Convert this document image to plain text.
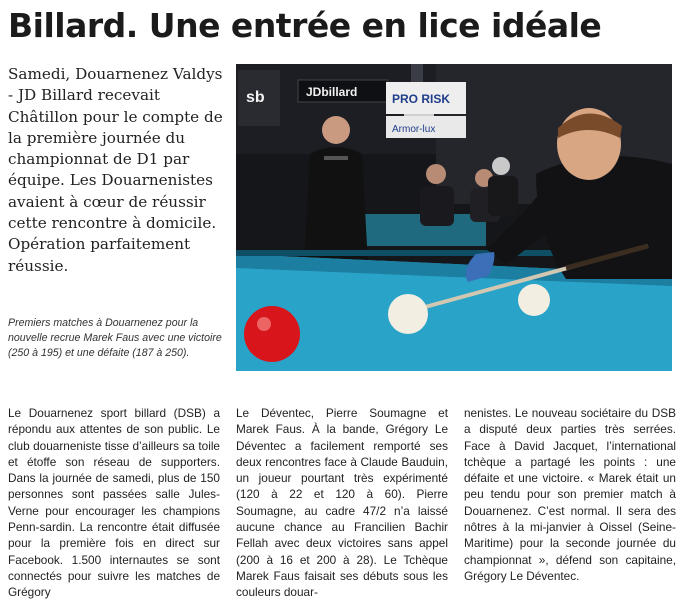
Billard. Une entrée en lice idéale
Samedi, Douarnenez Valdys - JD Billard recevait Châtillon pour le compte de la première journée du championnat de D1 par équipe. Les Douarnenistes avaient à cœur de réussir cette rencontre à domicile. Opération parfaitement réussie.
sb	JDbillard	PRO RISK
Armor-lux
Premiers matches à Douarnenez pour la nouvelle recrue Marek Faus avec une victoire (250 à 195) et une défaite (187 à 250).
Le Douarnenez sport billard (DSB) a répondu aux attentes de son public. Le club douarneniste tisse d’ailleurs sa toile et étoffe son réseau de supporters. Dans la journée de samedi, plus de 150 personnes sont passées salle Jules-Verne pour encourager les champions Penn-sardin. La rencontre était diffusée pour la première fois en direct sur Facebook. 1.500 internautes se sont connectés pour suivre les matches de Grégory
Le Déventec, Pierre Soumagne et Marek Faus. À la bande, Grégory Le Déventec a facilement remporté ses deux rencontres face à Claude Bauduin, un joueur pourtant très expérimenté (120 à 22 et 120 à 60). Pierre Soumagne, au cadre 47/2 n’a laissé aucune chance au Francilien Bachir Fellah avec deux victoires sans appel (200 à 16 et 200 à 28). Le Tchèque Marek Faus faisait ses débuts sous les couleurs douar-
nenistes. Le nouveau sociétaire du DSB a disputé deux parties très serrées. Face à David Jacquet, l’international tchèque a partagé les points : une défaite et une victoire. « Marek était un peu tendu pour son premier match à Douarnenez. C’est normal. Il sera des nôtres à la mi-janvier à Oissel (Seine-Maritime) pour la seconde journée du championnat », défend son capitaine, Grégory Le Déventec.
